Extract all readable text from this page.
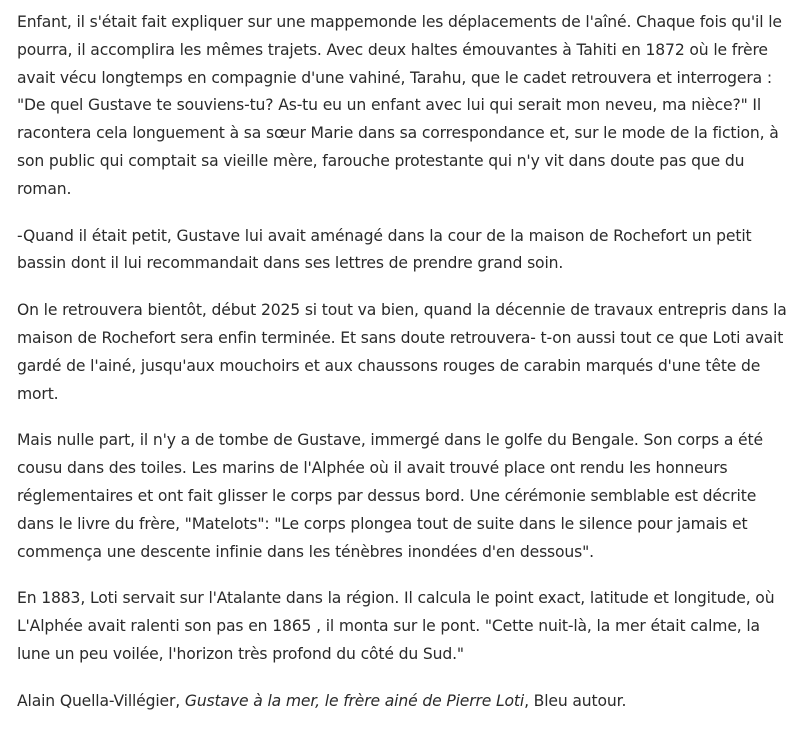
Enfant, il s'était fait expliquer sur une mappemonde les déplacements de l'aîné. Chaque fois qu'il le pourra, il accomplira les mêmes trajets. Avec deux haltes émouvantes à Tahiti en 1872 où le frère avait vécu longtemps en compagnie d'une vahiné, Tarahu, que le cadet retrouvera et interrogera : "De quel Gustave te souviens-tu? As-tu eu un enfant avec lui qui serait mon neveu, ma nièce?" Il racontera cela longuement à sa sœur Marie dans sa correspondance et, sur le mode de la fiction, à son public qui comptait sa vieille mère, farouche protestante qui n'y vit dans doute pas que du roman.

-Quand il était petit, Gustave lui avait aménagé dans la cour de la maison de Rochefort un petit bassin dont il lui recommandait dans ses lettres de prendre grand soin.

On le retrouvera bientôt, début 2025 si tout va bien, quand la décennie de travaux entrepris dans la maison de Rochefort sera enfin terminée. Et sans doute retrouvera- t-on aussi tout ce que Loti avait gardé de l'ainé, jusqu'aux mouchoirs et aux chaussons rouges de carabin marqués d'une tête de mort.

Mais nulle part, il n'y a de tombe de Gustave, immergé dans le golfe du Bengale. Son corps a été cousu dans des toiles. Les marins de l'Alphée où il avait trouvé place ont rendu les honneurs réglementaires et ont fait glisser le corps par dessus bord. Une cérémonie semblable est décrite dans le livre du frère, "Matelots": "Le corps plongea tout de suite dans le silence pour jamais et commença une descente infinie dans les ténèbres inondées d'en dessous".

En 1883, Loti servait sur l'Atalante dans la région. Il calcula le point exact, latitude et longitude, où L'Alphée avait ralenti son pas en 1865 , il monta sur le pont. "Cette nuit-là, la mer était calme, la lune un peu voilée, l'horizon très profond du côté du Sud."

Alain Quella-Villégier, Gustave à la mer, le frère ainé de Pierre Loti, Bleu autour.
